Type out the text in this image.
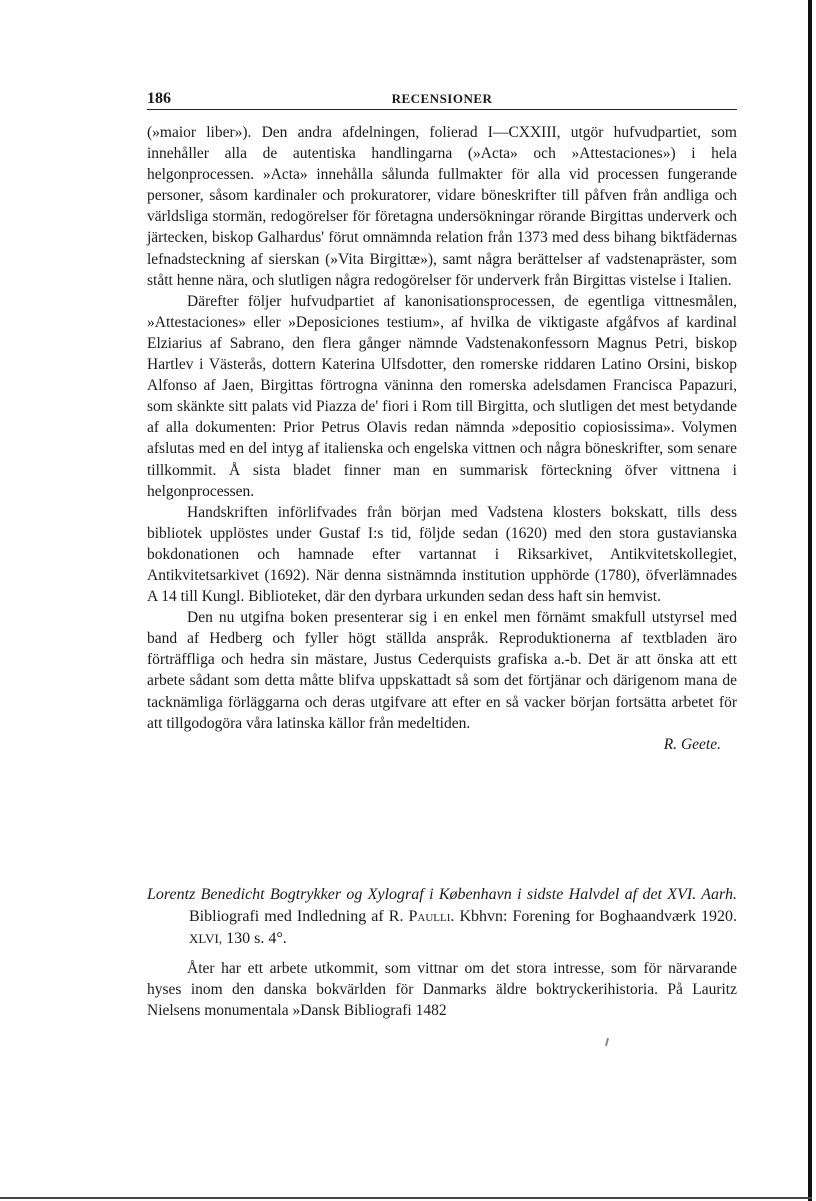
186	RECENSIONER

(»maior liber»). Den andra afdelningen, folierad I—CXXIII, utgör hufvudpartiet, som innehåller alla de autentiska handlingarna (»Acta» och »Attestaciones») i hela helgonprocessen. »Acta» innehålla sålunda fullmakter för alla vid processen fungerande personer, såsom kardinaler och prokuratorer, vidare böneskrifter till påfven från andliga och världsliga stormän, redogörelser för företagna undersökningar rörande Birgittas underverk och järtecken, biskop Galhardus' förut omnämnda relation från 1373 med dess bihang biktfädernas lefnadsteckning af sierskan (»Vita Birgittæ»), samt några berättelser af vadstenapräster, som stått henne nära, och slutligen några redogörelser för underverk från Birgittas vistelse i Italien.

Därefter följer hufvudpartiet af kanonisationsprocessen, de egentliga vittnesmålen, »Attestaciones» eller »Deposiciones testium», af hvilka de viktigaste afgåfvos af kardinal Elziarius af Sabrano, den flera gånger nämnde Vadstenakonfessorn Magnus Petri, biskop Hartlev i Västerås, dottern Katerina Ulfsdotter, den romerske riddaren Latino Orsini, biskop Alfonso af Jaen, Birgittas förtrogna väninna den romerska adelsdamen Francisca Papazuri, som skänkte sitt palats vid Piazza de' fiori i Rom till Birgitta, och slutligen det mest betydande af alla dokumenten: Prior Petrus Olavis redan nämnda »depositio copiosissima». Volymen afslutas med en del intyg af italienska och engelska vittnen och några böneskrifter, som senare tillkommit. Å sista bladet finner man en summarisk förteckning öfver vittnena i helgonprocessen.

Handskriften införlifvades från början med Vadstena klosters bokskatt, tills dess bibliotek upplöstes under Gustaf I:s tid, följde sedan (1620) med den stora gustavianska bokdonationen och hamnade efter vartannat i Riksarkivet, Antikvitetskollegiet, Antikvitetsarkivet (1692). När denna sistnämnda institution upphörde (1780), öfverlämnades A 14 till Kungl. Biblioteket, där den dyrbara urkunden sedan dess haft sin hemvist.

Den nu utgifna boken presenterar sig i en enkel men förnämt smakfull utstyrsel med band af Hedberg och fyller högt ställda anspråk. Reproduktionerna af textbladen äro förträffliga och hedra sin mästare, Justus Cederquists grafiska a.-b. Det är att önska att ett arbete sådant som detta måtte blifva uppskattadt så som det förtjänar och därigenom mana de tacknämliga förläggarna och deras utgifvare att efter en så vacker början fortsätta arbetet för att tillgodogöra våra latinska källor från medeltiden.

R. Geete.

Lorentz Benedicht Bogtrykker og Xylograf i København i sidste Halvdel af det XVI. Aarh. Bibliografi med Indledning af R. Paulli. Kbhvn: Forening for Boghaandværk 1920. XLVI, 130 s. 4°.

Åter har ett arbete utkommit, som vittnar om det stora intresse, som för närvarande hyses inom den danska bokvärlden för Danmarks äldre boktryckerihistoria. På Lauritz Nielsens monumentala »Dansk Bibliografi 1482
